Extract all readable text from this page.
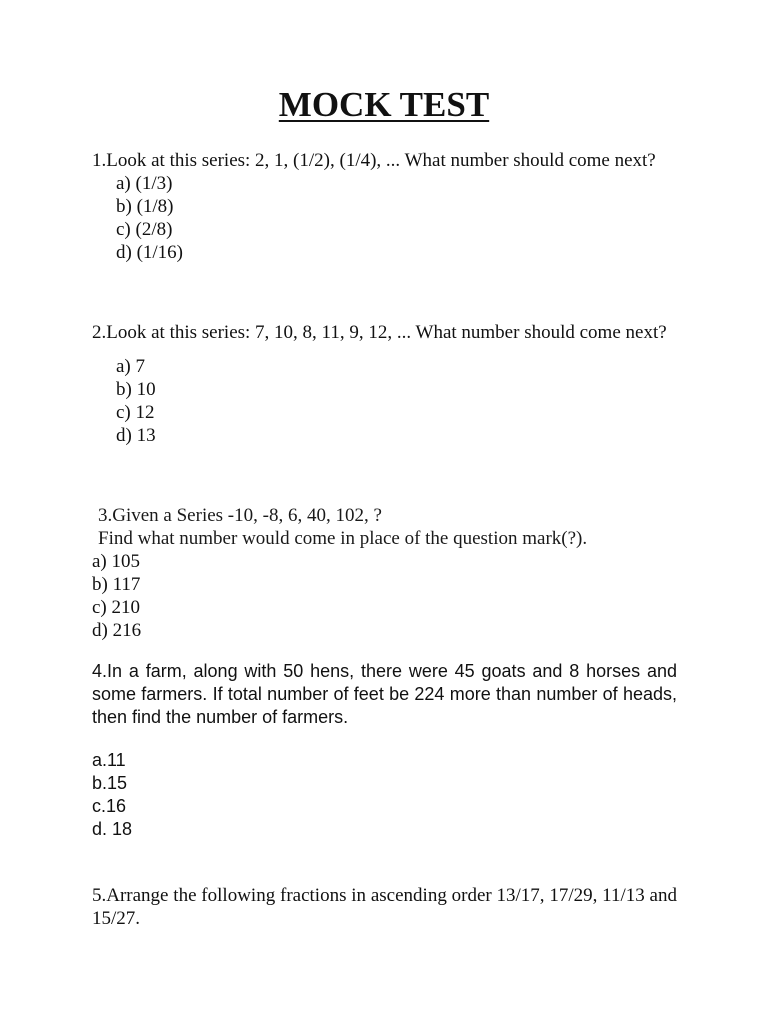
MOCK TEST

1.Look at this series: 2, 1, (1/2), (1/4), ... What number should come next?

a) (1/3)
b) (1/8)
c) (2/8)
d) (1/16)

2.Look at this series: 7, 10, 8, 11, 9, 12, ... What number should come next?

a) 7
b) 10
c) 12
d) 13

3.Given a Series -10, -8, 6, 40, 102, ?
Find what number would come in place of the question mark(?).

a) 105
b) 117
c) 210
d) 216

4.In a farm, along with 50 hens, there were 45 goats and 8 horses and some farmers. If total number of feet be 224 more than number of heads, then find the number of farmers.

a.11
b.15
c.16
d. 18

5.Arrange the following fractions in ascending order 13/17, 17/29, 11/13 and 15/27.
